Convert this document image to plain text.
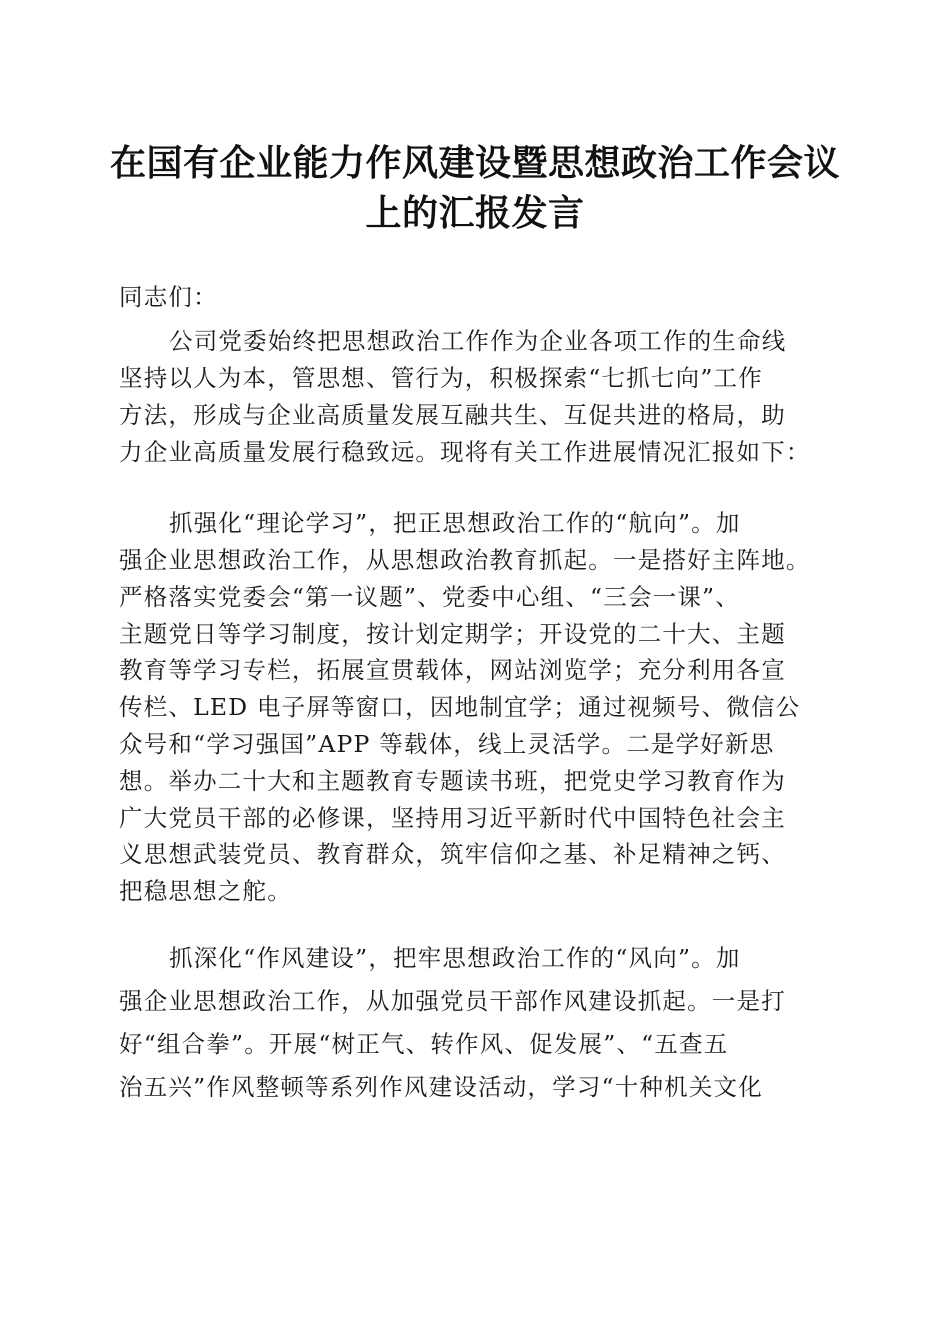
在国有企业能力作风建设暨思想政治工作会议
上的汇报发言

同志们：

公司党委始终把思想政治工作作为企业各项工作的生命线

坚持以人为本，管思想、管行为，积极探索“七抓七向”工作

方法，形成与企业高质量发展互融共生、互促共进的格局，助

力企业高质量发展行稳致远。现将有关工作进展情况汇报如下：

抓强化“理论学习”，把正思想政治工作的“航向”。加

强企业思想政治工作，从思想政治教育抓起。一是搭好主阵地。

严格落实党委会“第一议题”、党委中心组、“三会一课”、

主题党日等学习制度，按计划定期学；开设党的二十大、主题

教育等学习专栏，拓展宣贯载体，网站浏览学；充分利用各宣

传栏、LED 电子屏等窗口，因地制宜学；通过视频号、微信公

众号和“学习强国”APP 等载体，线上灵活学。二是学好新思

想。举办二十大和主题教育专题读书班，把党史学习教育作为

广大党员干部的必修课，坚持用习近平新时代中国特色社会主

义思想武装党员、教育群众，筑牢信仰之基、补足精神之钙、

把稳思想之舵。

抓深化“作风建设”，把牢思想政治工作的“风向”。加

强企业思想政治工作，从加强党员干部作风建设抓起。一是打

好“组合拳”。开展“树正气、转作风、促发展”、“五查五

治五兴”作风整顿等系列作风建设活动，学习“十种机关文化
